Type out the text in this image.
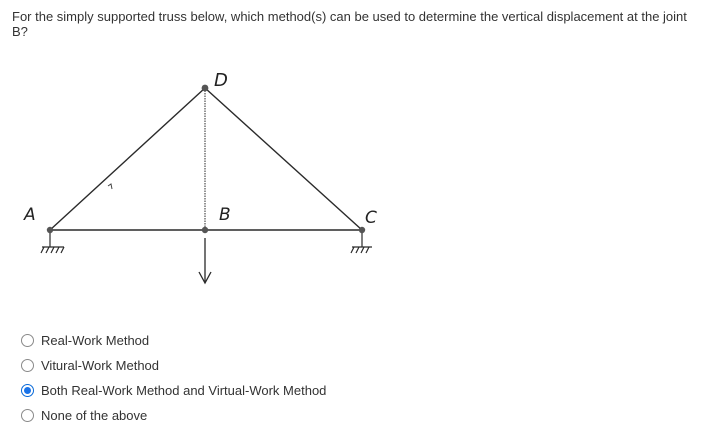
For the simply supported truss below, which method(s) can be used to determine the vertical displacement at the joint B?
A	B	C
D
Real-Work Method
Vitural-Work Method
Both Real-Work Method and Virtual-Work Method
None of the above
